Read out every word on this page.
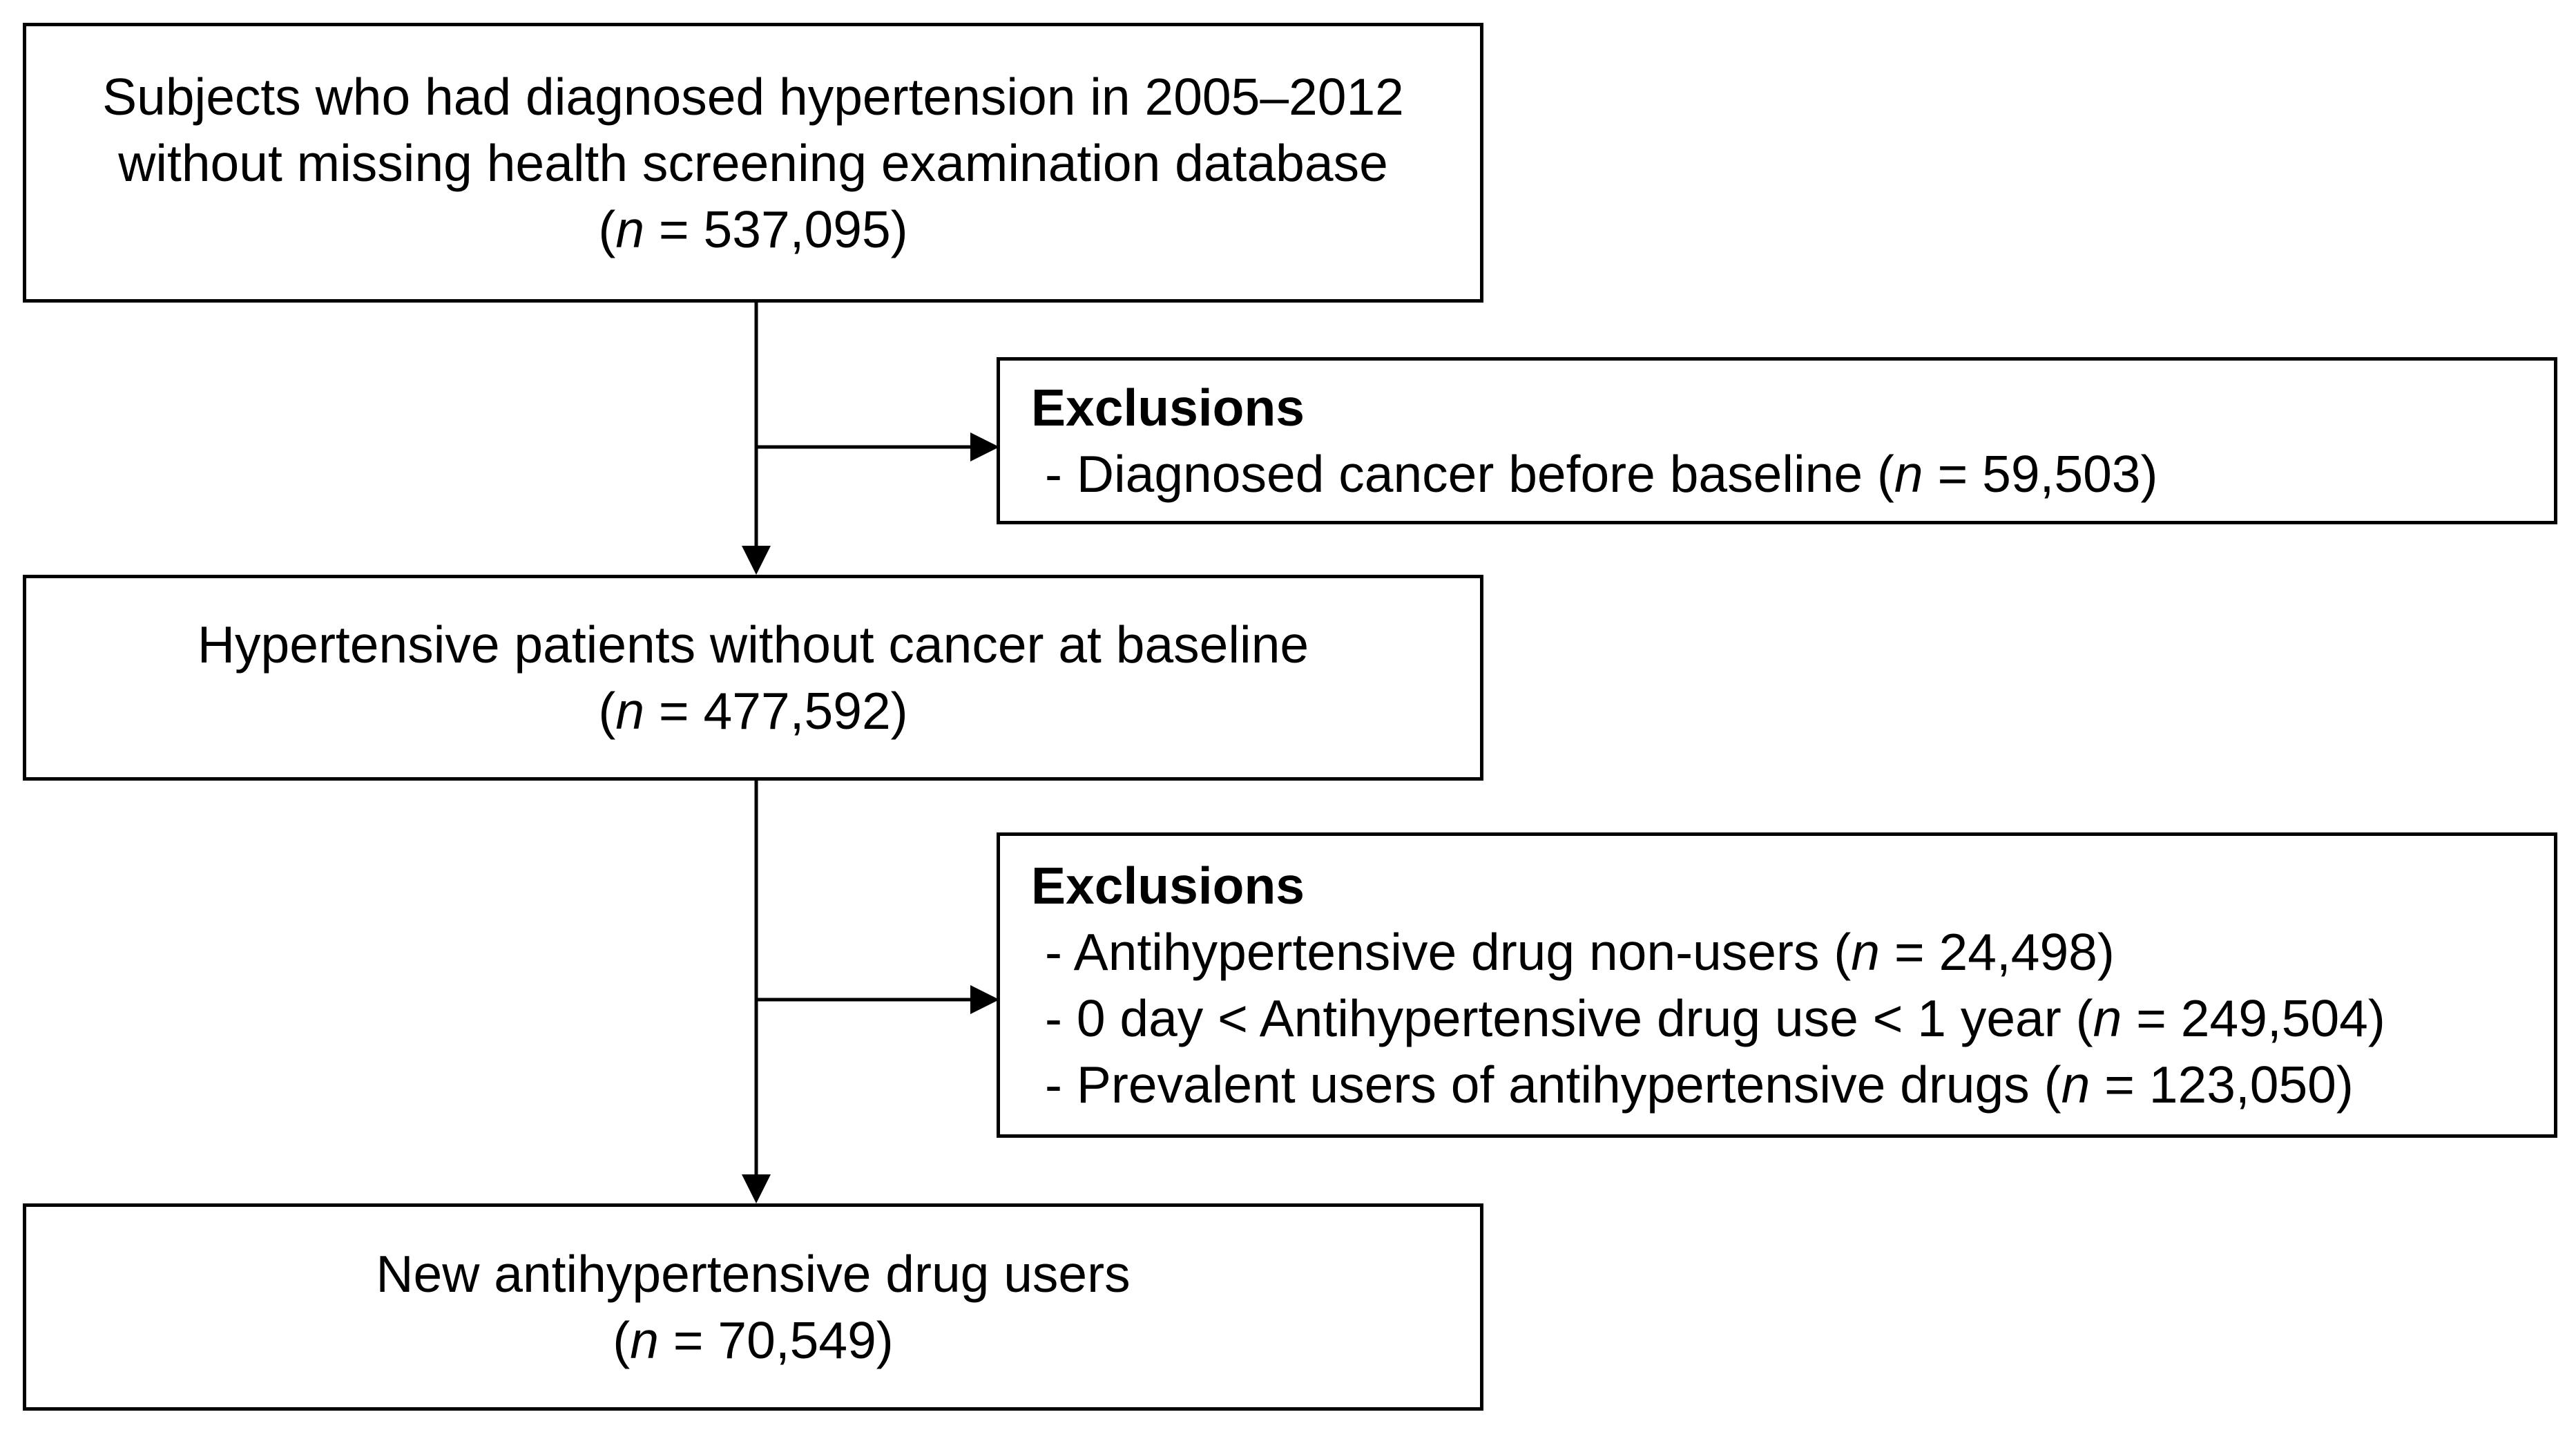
Subjects who had diagnosed hypertension in 2005–2012
without missing health screening examination database
(n = 537,095)
Exclusions
- Diagnosed cancer before baseline (n = 59,503)
Hypertensive patients without cancer at baseline
(n = 477,592)
Exclusions
- Antihypertensive drug non-users (n = 24,498)
- 0 day < Antihypertensive drug use < 1 year (n = 249,504)
- Prevalent users of antihypertensive drugs (n = 123,050)
New antihypertensive drug users
(n = 70,549)
